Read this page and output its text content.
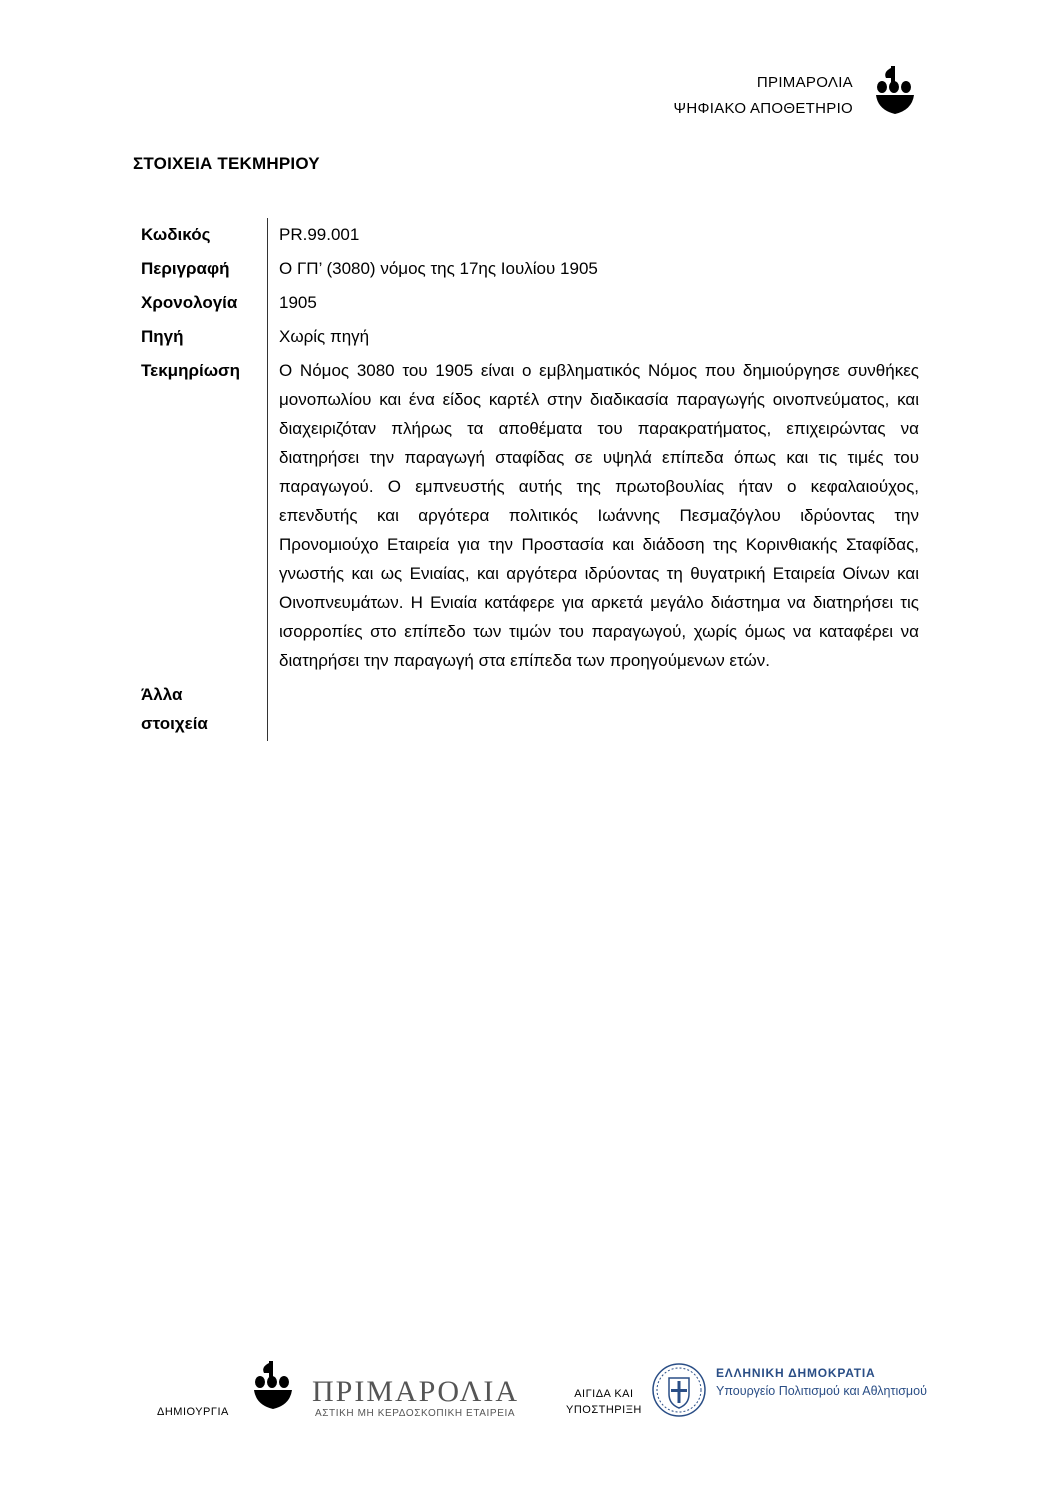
ΠΡΙΜΑΡΟΛΙΑ
ΨΗΦΙΑΚΟ ΑΠΟΘΕΤΗΡΙΟ
ΣΤΟΙΧΕΙΑ ΤΕΚΜΗΡΙΟΥ
Κωδικός	PR.99.001
Περιγραφή	Ο ΓΠ’ (3080) νόμος της 17ης Ιουλίου 1905
Χρονολογία	1905
Πηγή	Χωρίς πηγή
Τεκμηρίωση	Ο Νόμος 3080 του 1905 είναι ο εμβληματικός Νόμος που δημιούργησε συνθήκες μονοπωλίου και ένα είδος καρτέλ στην διαδικασία παραγωγής οινοπνεύματος, και διαχειριζόταν πλήρως τα αποθέματα του παρακρατήματος, επιχειρώντας να διατηρήσει την παραγωγή σταφίδας σε υψηλά επίπεδα όπως και τις τιμές του παραγωγού. Ο εμπνευστής αυτής της πρωτοβουλίας ήταν ο κεφαλαιούχος, επενδυτής και αργότερα πολιτικός Ιωάννης Πεσμαζόγλου ιδρύοντας την Προνομιούχο Εταιρεία για την Προστασία και διάδοση της Κορινθιακής Σταφίδας, γνωστής και ως Ενιαίας, και αργότερα ιδρύοντας τη θυγατρική Εταιρεία Οίνων και Οινοπνευμάτων. Η Ενιαία κατάφερε για αρκετά μεγάλο διάστημα να διατηρήσει τις ισορροπίες στο επίπεδο των τιμών του παραγωγού, χωρίς όμως να καταφέρει να διατηρήσει την παραγωγή στα επίπεδα των προηγούμενων ετών.
Άλλα
στοιχεία
ΔΗΜΙΟΥΡΓΙΑ
ΠΡΙΜΑΡΟΛΙΑ
ΑΣΤΙΚΗ ΜΗ ΚΕΡΔΟΣΚΟΠΙΚΗ ΕΤΑΙΡΕΙΑ
ΑΙΓΙΔΑ ΚΑΙ
ΥΠΟΣΤΗΡΙΞΗ
ΕΛΛΗΝΙΚΗ ΔΗΜΟΚΡΑΤΙΑ
Υπουργείο Πολιτισμού και Αθλητισμού
